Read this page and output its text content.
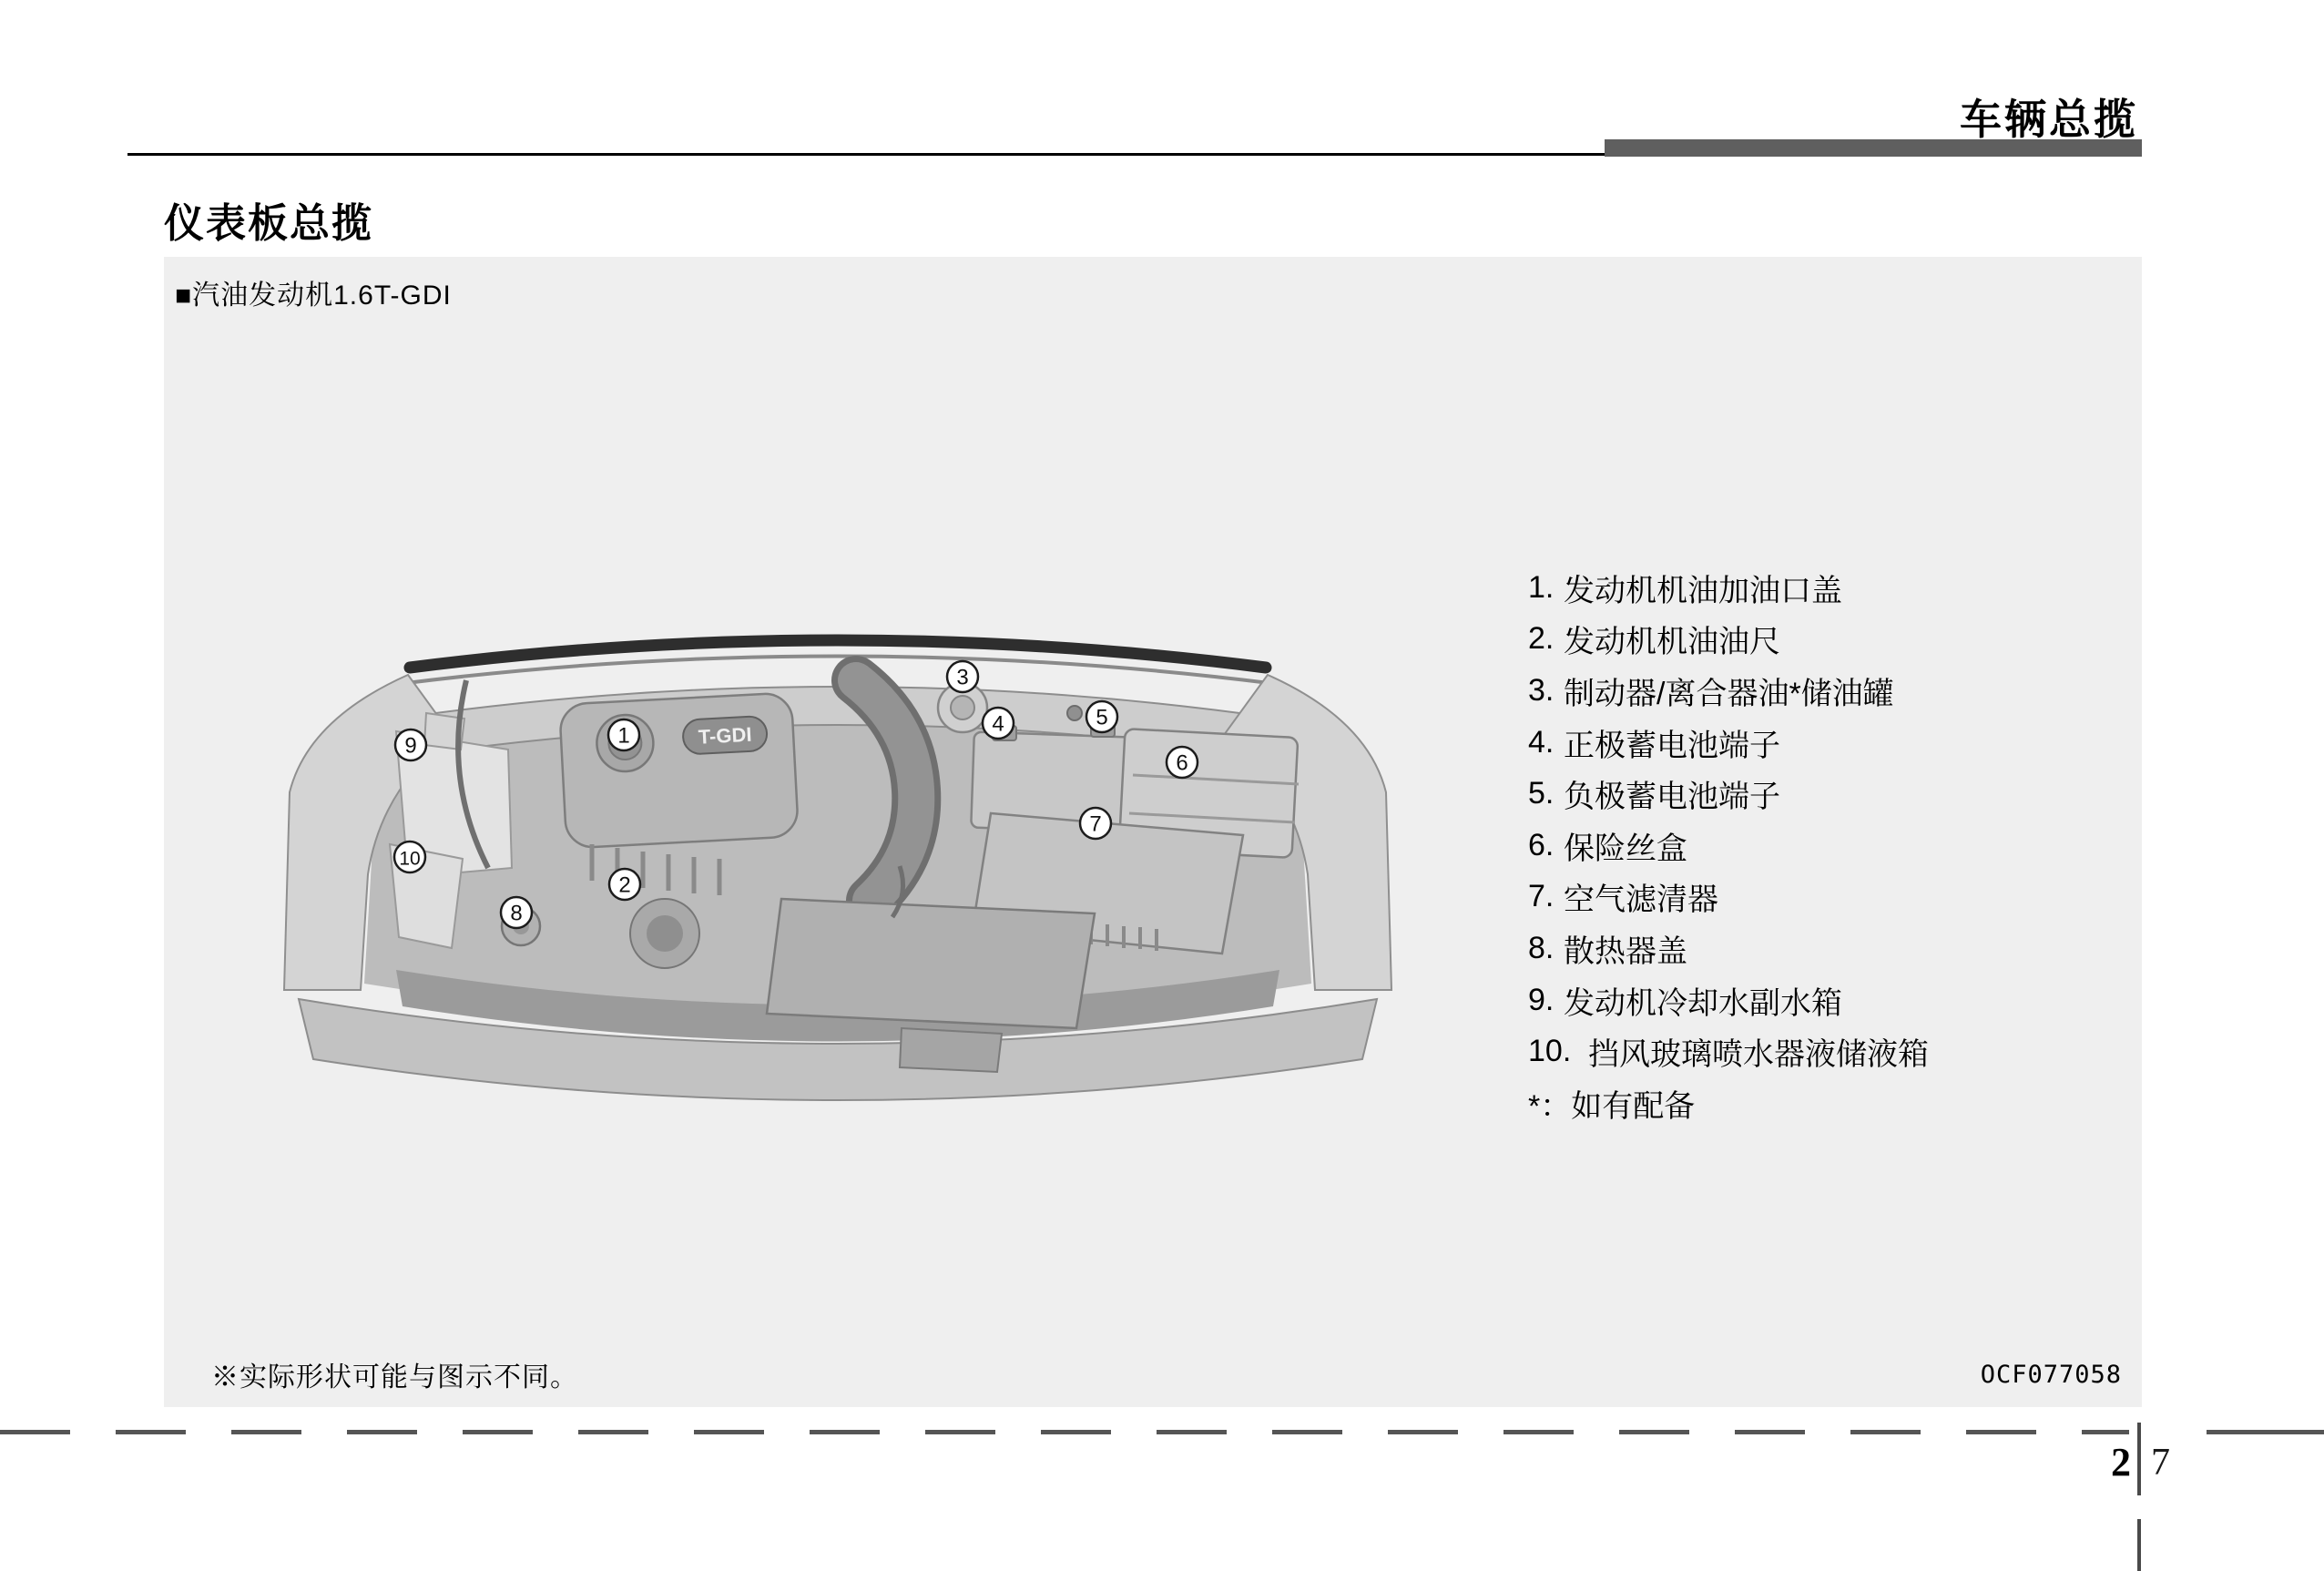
车辆总揽
仪表板总揽
■汽油发动机1.6T-GDI
T-GDI
1
2
3
4	5
6
7
8
9
10
1. 发动机机油加油口盖
2. 发动机机油油尺
3. 制动器/离合器油*储油罐
4. 正极蓄电池端子
5. 负极蓄电池端子
6. 保险丝盒
7. 空气滤清器
8. 散热器盖
9. 发动机冷却水副水箱
10. 挡风玻璃喷水器液储液箱
*：如有配备
※实际形状可能与图示不同。	OCF077058
2 7
